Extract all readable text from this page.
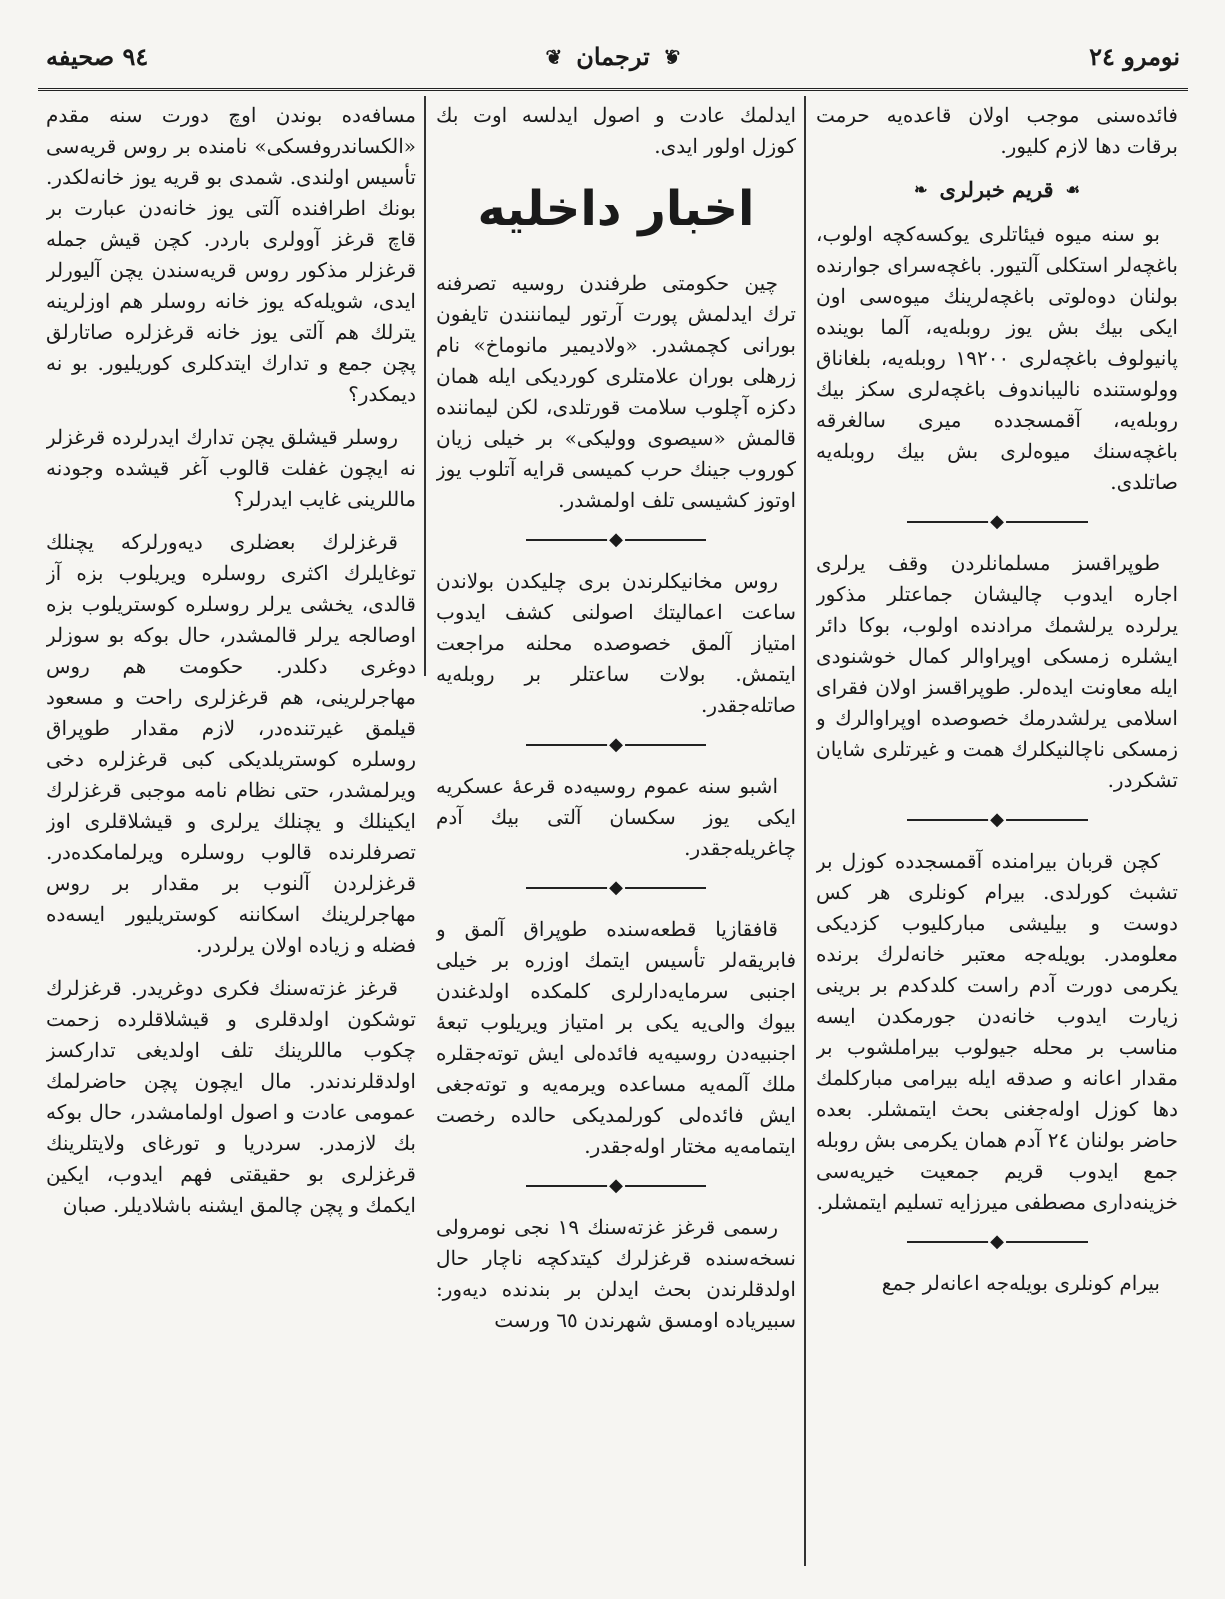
نومرو ٢٤
❦ ترجمان ❦
٩٤ صحيفه

فائده‌سنى موجب اولان قاعده‌يه حرمت برقات دها لازم كليور.

❧ قريم خبرلرى ☙

بو سنه ميوه فيئاتلرى يوكسه‌كچه اولوب، باغچه‌لر استكلى آلتيور. باغچه‌سراى جوارنده بولنان دوه‌لوتى باغچه‌لرينك ميوه‌سى اون ايكى بيك بش يوز روبله‌يه، آلما بوينده پانيولوف باغچه‌لرى ١٩٢٠٠ روبله‌يه، بلغاناق وولوستنده ناليباندوف باغچه‌لرى سكز بيك روبله‌يه، آقمسجدده ميرى سالغرقه باغچه‌سنك ميوه‌لرى بش بيك روبله‌يه صاتلدى.

◆

طوپراقسز مسلمانلردن وقف يرلرى اجاره ايدوب چاليشان جماعتلر مذكور يرلرده يرلشمك مرادنده اولوب، بوكا دائر ايشلره زمسكى اوپراوالر كمال خوشنودى ايله معاونت ايده‌لر. طوپراقسز اولان فقراى اسلامى يرلشدرمك خصوصده اوپراوالرك و زمسكى ناچالنيكلرك همت و غيرتلرى شايان تشكردر.

◆

كچن قربان بيرامنده آقمسجدده كوزل بر تشبث كورلدى. بيرام كونلرى هر كس دوست و بيليشى مباركليوب كزديكى معلومدر. بويله‌جه معتبر خانه‌لرك برنده يكرمى دورت آدم راست كلدكدم بر برينى زيارت ايدوب خانه‌دن جورمكدن ايسه مناسب بر محله جيولوب بيراملشوب بر مقدار اعانه و صدقه ايله بيرامى مباركلمك دها كوزل اوله‌جغنى بحث ايتمشلر. بعده حاضر بولنان ٢٤ آدم همان يكرمى بش روبله جمع ايدوب قريم جمعيت خيريه‌سى خزينه‌دارى مصطفى ميرزايه تسليم ايتمشلر.

◆

بيرام كونلرى بويله‌جه اعانه‌لر جمع

ايدلمك عادت و اصول ايدلسه اوت بك كوزل اولور ايدى.

اخبار داخليه

چين حكومتى طرفندن روسيه تصرفنه ترك ايدلمش پورت آرتور ليماننندن تايفون بورانى كچمشدر. «ولاديمير مانوماخ» نام زرهلى بوران علامتلرى كورديكى ايله همان دكزه آچلوب سلامت قورتلدى، لكن ليماننده قالمش «سيصوى ووليكى» بر خيلى زيان كوروب جينك حرب كميسى قرايه آتلوب يوز اوتوز كشيسى تلف اولمشدر.

◆

روس مخانيكلرندن برى چليكدن بولاندن ساعت اعماليتك اصولنى كشف ايدوب امتياز آلمق خصوصده محلنه مراجعت ايتمش. بولات ساعتلر بر روبله‌يه صاتله‌جقدر.

◆

اشبو سنه عموم روسيه‌ده قرعهٔ عسكريه ايكى يوز سكسان آلتى بيك آدم چاغريله‌جقدر.

◆

قافقازيا قطعه‌سنده طوپراق آلمق و فابريقه‌لر تأسيس ايتمك اوزره بر خيلى اجنبى سرمايه‌دارلرى كلمكده اولدغندن بيوك والى‌يه يكى بر امتياز ويريلوب تبعهٔ اجنبيه‌دن روسيه‌يه فائده‌لى ايش توته‌جقلره ملك آلمه‌يه مساعده ويرمه‌يه و توته‌جغى ايش فائده‌لى كورلمديكى حالده رخصت ايتمامه‌يه مختار اوله‌جقدر.

◆

رسمى قرغز غزته‌سنك ١٩ نجى نومرولى نسخه‌سنده قرغزلرك كيتدكچه ناچار حال اولدقلرندن بحث ايدلن بر بندنده ديه‌ور: سبيرياده اومسق شهرندن ٦٥ ورست

مسافه‌ده بوندن اوچ دورت سنه مقدم «الكساندروفسكى» نامنده بر روس قريه‌سى تأسيس اولندى. شمدى بو قريه يوز خانه‌لكدر. بونك اطرافنده آلتى يوز خانه‌دن عبارت بر قاچ قرغز آوولرى باردر. كچن قيش جمله قرغزلر مذكور روس قريه‌سندن يچن آليورلر ايدى، شويله‌كه يوز خانه روسلر هم اوزلرينه يترلك هم آلتى يوز خانه قرغزلره صاتارلق پچن جمع و تدارك ايتدكلرى كوريليور. بو نه ديمكدر؟

روسلر قيشلق يچن تدارك ايدرلرده قرغزلر نه ايچون غفلت قالوب آغر قيشده وجودنه ماللرينى غايب ايدرلر؟

قرغزلرك بعضلرى ديه‌ورلركه يچنلك توغايلرك اكثرى روسلره ويريلوب بزه آز قالدى، يخشى يرلر روسلره كوستريلوب بزه اوصالجه يرلر قالمشدر، حال بوكه بو سوزلر دوغرى دكلدر. حكومت هم روس مهاجرلرينى، هم قرغزلرى راحت و مسعود قيلمق غيرتنده‌در، لازم مقدار طوپراق روسلره كوستريلديكى كبى قرغزلره دخى ويرلمشدر، حتى نظام نامه موجبى قرغزلرك ايكينلك و يچنلك يرلرى و قيشلاقلرى اوز تصرفلرنده قالوب روسلره ويرلمامكده‌در. قرغزلردن آلنوب بر مقدار بر روس مهاجرلرينك اسكاننه كوستريليور ايسه‌ده فضله و زياده اولان يرلردر.

قرغز غزته‌سنك فكرى دوغريدر. قرغزلرك توشكون اولدقلرى و قيشلاقلرده زحمت چكوب ماللرينك تلف اولديغى تداركسز اولدقلرندندر. مال ايچون پچن حاضرلمك عمومى عادت و اصول اولمامشدر، حال بوكه بك لازمدر. سردريا و تورغاى ولايتلرينك قرغزلرى بو حقيقتى فهم ايدوب، ايكين ايكمك و پچن چالمق ايشنه باشلاديلر. صبان
